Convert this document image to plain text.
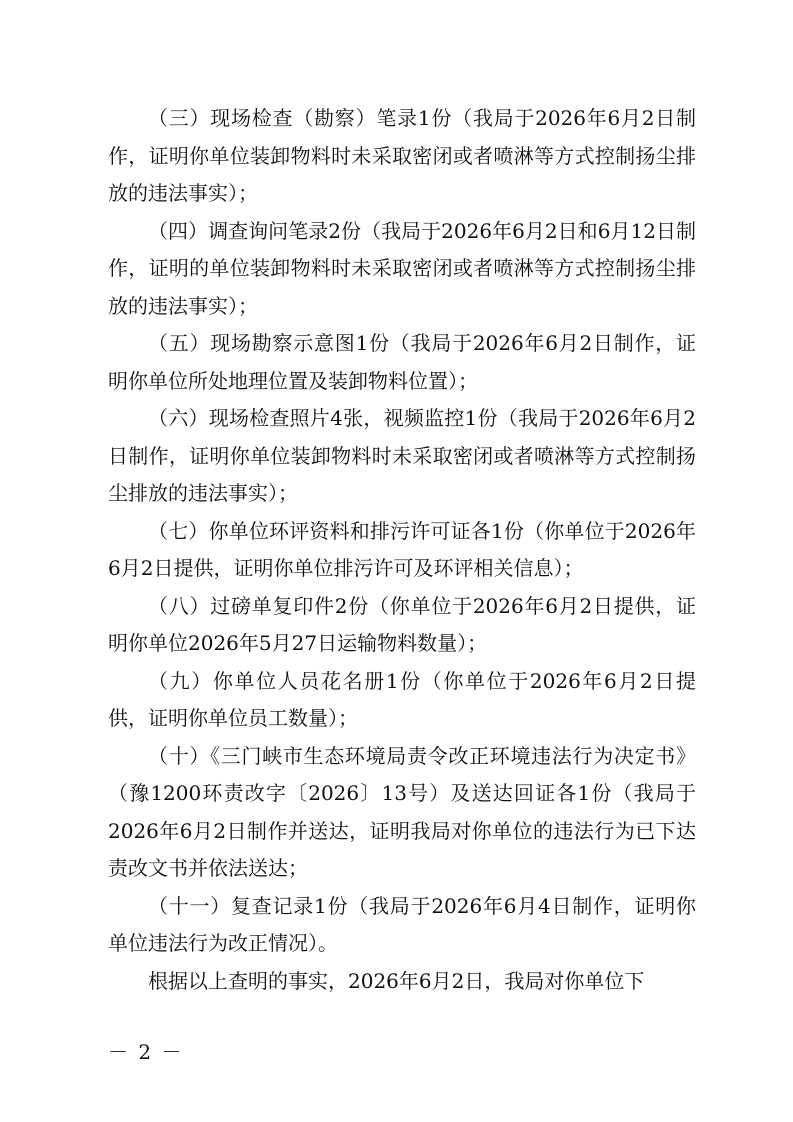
（三）现场检查（勘察）笔录1份（我局于2026年6月2日制作，证明你单位装卸物料时未采取密闭或者喷淋等方式控制扬尘排放的违法事实）；

（四）调查询问笔录2份（我局于2026年6月2日和6月12日制作，证明的单位装卸物料时未采取密闭或者喷淋等方式控制扬尘排放的违法事实）；

（五）现场勘察示意图1份（我局于2026年6月2日制作，证明你单位所处地理位置及装卸物料位置）；

（六）现场检查照片4张，视频监控1份（我局于2026年6月2日制作，证明你单位装卸物料时未采取密闭或者喷淋等方式控制扬尘排放的违法事实）；

（七）你单位环评资料和排污许可证各1份（你单位于2026年6月2日提供，证明你单位排污许可及环评相关信息）；

（八）过磅单复印件2份（你单位于2026年6月2日提供，证明你单位2026年5月27日运输物料数量）；

（九）你单位人员花名册1份（你单位于2026年6月2日提供，证明你单位员工数量）；

（十）《三门峡市生态环境局责令改正环境违法行为决定书》（豫1200环责改字〔2026〕13号）及送达回证各1份（我局于2026年6月2日制作并送达，证明我局对你单位的违法行为已下达责改文书并依法送达；

（十一）复查记录1份（我局于2026年6月4日制作，证明你单位违法行为改正情况）。

根据以上查明的事实，2026年6月2日，我局对你单位下

－ 2 －
